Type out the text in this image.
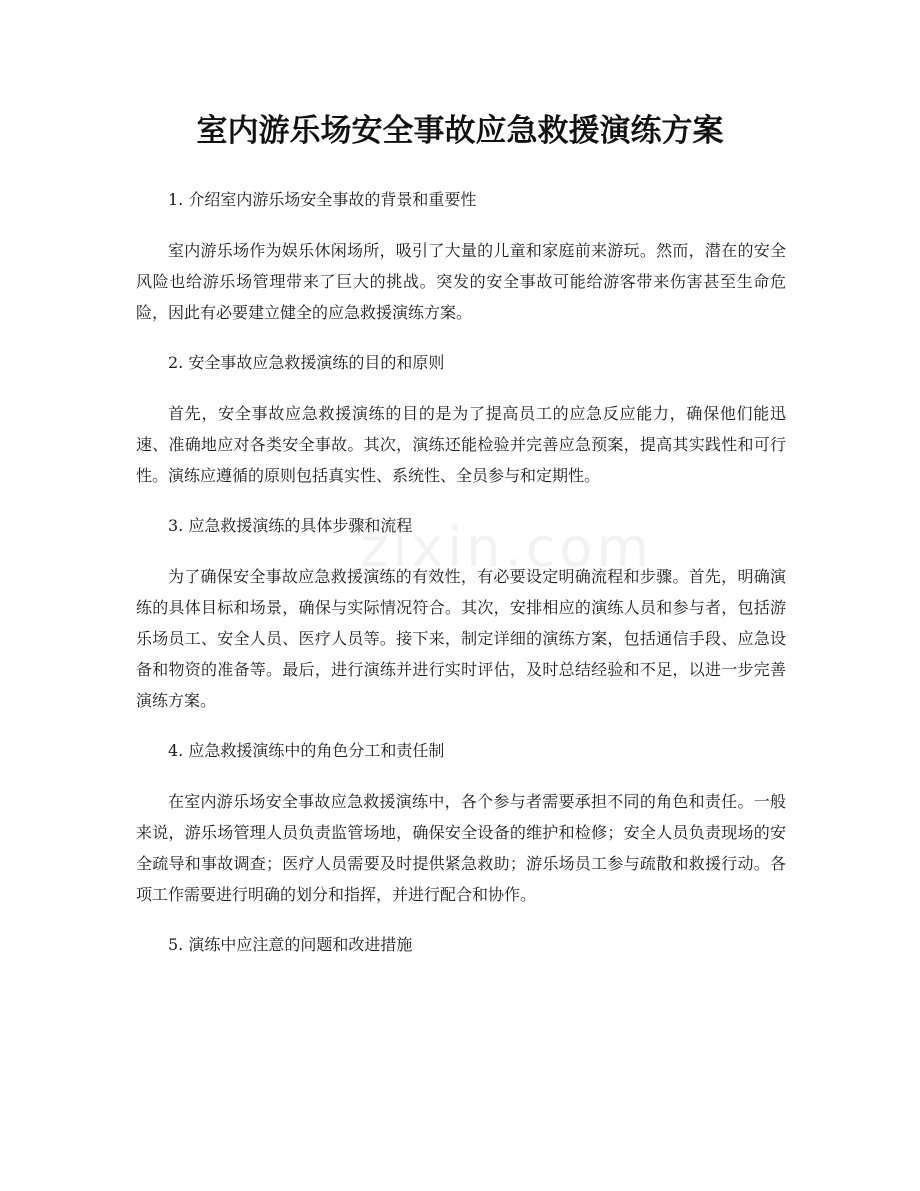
室内游乐场安全事故应急救援演练方案
zixin.com

1. 介绍室内游乐场安全事故的背景和重要性

室内游乐场作为娱乐休闲场所，吸引了大量的儿童和家庭前来游玩。然而，潜在的安全风险也给游乐场管理带来了巨大的挑战。突发的安全事故可能给游客带来伤害甚至生命危险，因此有必要建立健全的应急救援演练方案。

2. 安全事故应急救援演练的目的和原则

首先，安全事故应急救援演练的目的是为了提高员工的应急反应能力，确保他们能迅速、准确地应对各类安全事故。其次，演练还能检验并完善应急预案，提高其实践性和可行性。演练应遵循的原则包括真实性、系统性、全员参与和定期性。

3. 应急救援演练的具体步骤和流程

为了确保安全事故应急救援演练的有效性，有必要设定明确流程和步骤。首先，明确演练的具体目标和场景，确保与实际情况符合。其次，安排相应的演练人员和参与者，包括游乐场员工、安全人员、医疗人员等。接下来，制定详细的演练方案，包括通信手段、应急设备和物资的准备等。最后，进行演练并进行实时评估，及时总结经验和不足，以进一步完善演练方案。

4. 应急救援演练中的角色分工和责任制

在室内游乐场安全事故应急救援演练中，各个参与者需要承担不同的角色和责任。一般来说，游乐场管理人员负责监管场地，确保安全设备的维护和检修；安全人员负责现场的安全疏导和事故调查；医疗人员需要及时提供紧急救助；游乐场员工参与疏散和救援行动。各项工作需要进行明确的划分和指挥，并进行配合和协作。

5. 演练中应注意的问题和改进措施
